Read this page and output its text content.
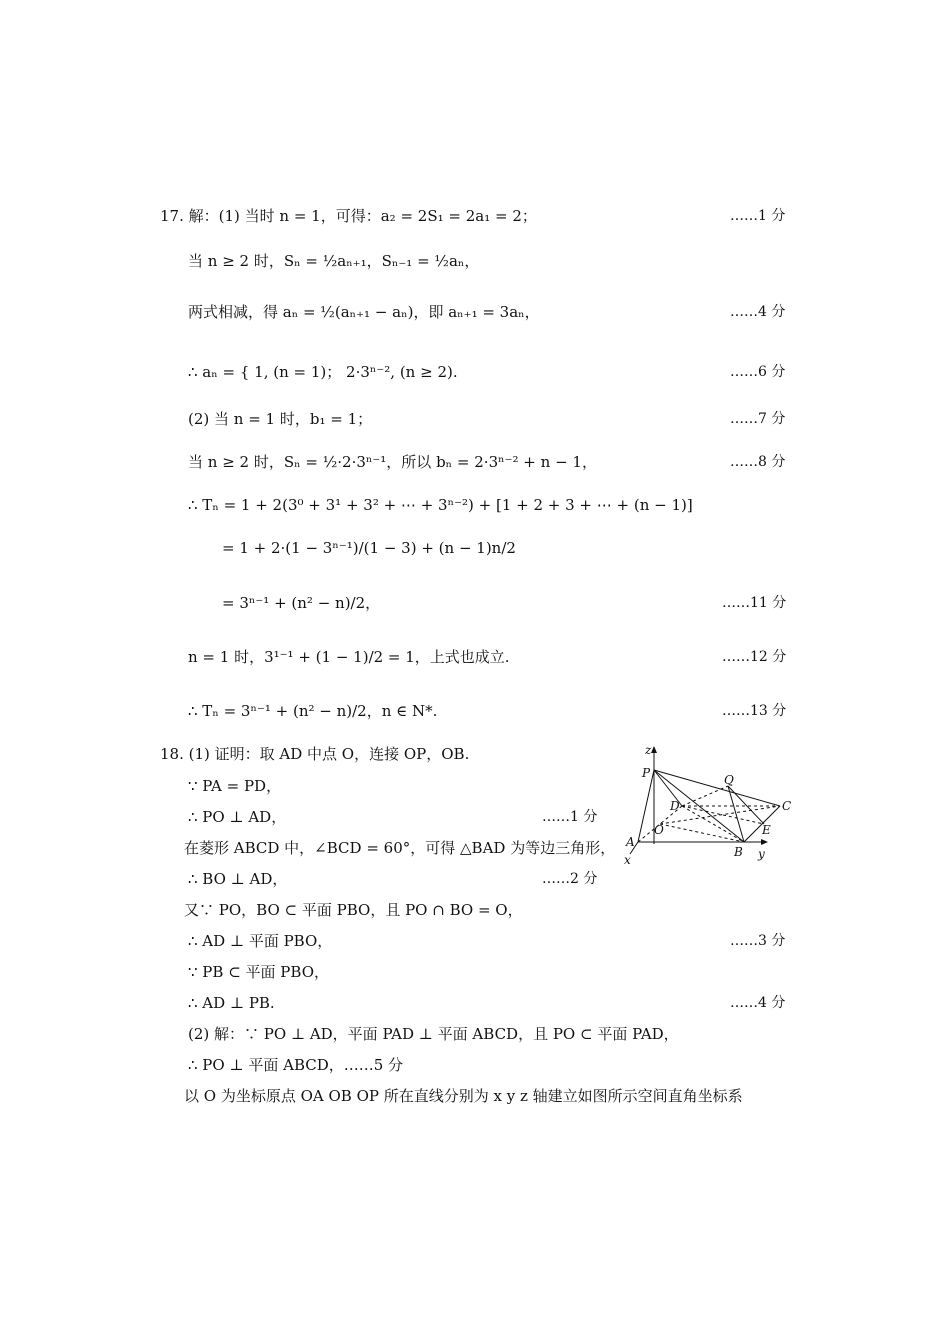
17. 解：(1) 当时 n = 1，可得：a₂ = 2S₁ = 2a₁ = 2；	……1 分
当 n ≥ 2 时，Sₙ = ½aₙ₊₁，Sₙ₋₁ = ½aₙ，
两式相减，得 aₙ = ½(aₙ₊₁ − aₙ)，即 aₙ₊₁ = 3aₙ，	……4 分
∴ aₙ = { 1, (n = 1)； 2·3ⁿ⁻², (n ≥ 2).	……6 分
(2) 当 n = 1 时，b₁ = 1；	……7 分
当 n ≥ 2 时，Sₙ = ½·2·3ⁿ⁻¹，所以 bₙ = 2·3ⁿ⁻² + n − 1，	……8 分
∴ Tₙ = 1 + 2(3⁰ + 3¹ + 3² + ⋯ + 3ⁿ⁻²) + [1 + 2 + 3 + ⋯ + (n − 1)]
= 1 + 2·(1 − 3ⁿ⁻¹)/(1 − 3) + (n − 1)n/2
= 3ⁿ⁻¹ + (n² − n)/2，	……11 分
n = 1 时，3¹⁻¹ + (1 − 1)/2 = 1，上式也成立.	……12 分
∴ Tₙ = 3ⁿ⁻¹ + (n² − n)/2，n ∈ N*.	……13 分
18. (1) 证明：取 AD 中点 O，连接 OP，OB.
∵ PA = PD，
∴ PO ⊥ AD，	……1 分
在菱形 ABCD 中，∠BCD = 60°，可得 △BAD 为等边三角形，
∴ BO ⊥ AD，	……2 分
又∵ PO，BO ⊂ 平面 PBO，且 PO ∩ BO = O，
∴ AD ⊥ 平面 PBO，	……3 分
∵ PB ⊂ 平面 PBO，
∴ AD ⊥ PB.	……4 分
(2) 解：∵ PO ⊥ AD，平面 PAD ⊥ 平面 ABCD，且 PO ⊂ 平面 PAD，
∴ PO ⊥ 平面 ABCD，……5 分
以 O 为坐标原点 OA OB OP 所在直线分别为 x y z 轴建立如图所示空间直角坐标系
z
P	Q
D	C
E
A
O
B
x	y
